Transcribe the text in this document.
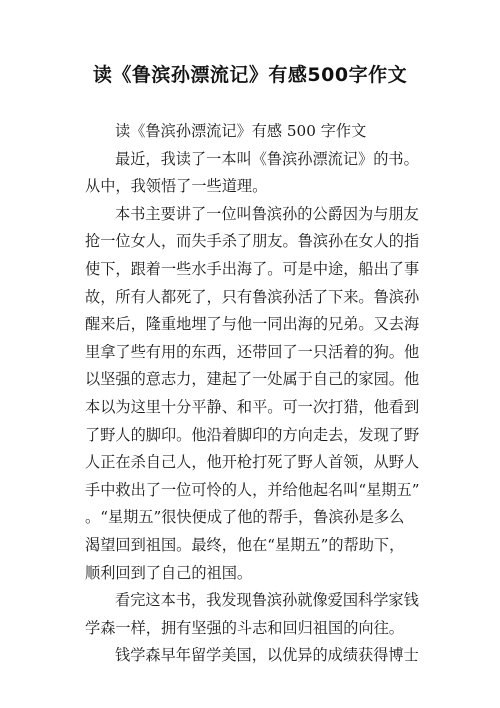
读《鲁滨孙漂流记》有感500字作文
读《鲁滨孙漂流记》有感 500 字作文
最近，我读了一本叫《鲁滨孙漂流记》的书。
从中，我领悟了一些道理。
本书主要讲了一位叫鲁滨孙的公爵因为与朋友
抢一位女人，而失手杀了朋友。鲁滨孙在女人的指
使下，跟着一些水手出海了。可是中途，船出了事
故，所有人都死了，只有鲁滨孙活了下来。鲁滨孙
醒来后，隆重地埋了与他一同出海的兄弟。又去海
里拿了些有用的东西，还带回了一只活着的狗。他
以坚强的意志力，建起了一处属于自己的家园。他
本以为这里十分平静、和平。可一次打猎，他看到
了野人的脚印。他沿着脚印的方向走去，发现了野
人正在杀自己人，他开枪打死了野人首领，从野人
手中救出了一位可怜的人，并给他起名叫“星期五”
。“星期五”很快便成了他的帮手，鲁滨孙是多么
渴望回到祖国。最终，他在“星期五”的帮助下，
顺利回到了自己的祖国。
看完这本书，我发现鲁滨孙就像爱国科学家钱
学森一样，拥有坚强的斗志和回归祖国的向往。
钱学森早年留学美国，以优异的成绩获得博士
